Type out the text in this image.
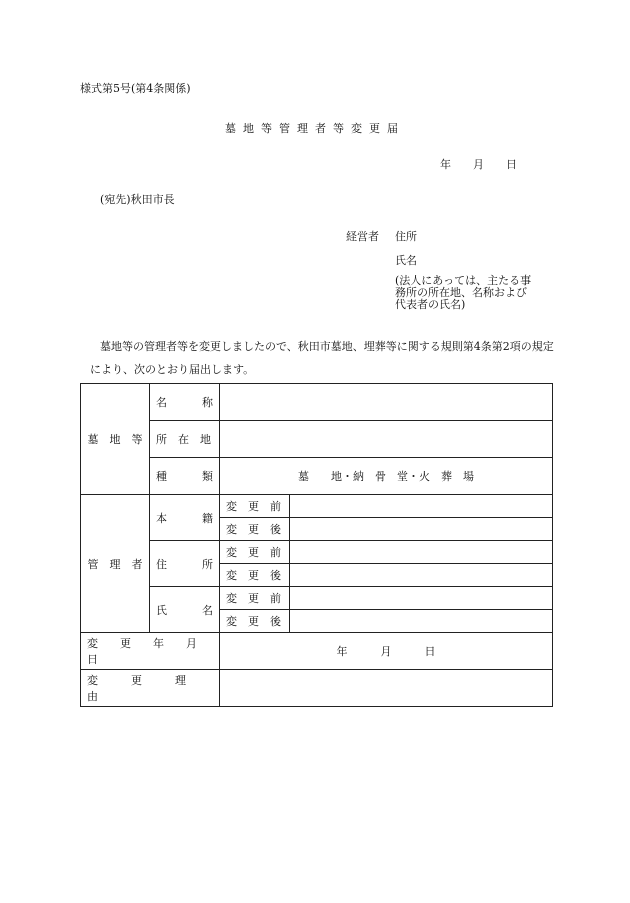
様式第5号(第4条関係)
墓地等管理者等変更届
年　　月　　日
(宛先)秋田市長
経営者 住所
氏名
(法人にあっては、主たる事務所の所在地、名称および代表者の氏名)
墓地等の管理者等を変更しましたので、秋田市墓地、埋葬等に関する規則第4条第2項の規定により、次のとおり届出します。
墓　地　等	名 称		

	所　在　地		

	種 類	墓　　地・納　骨　堂・火　葬　場	
管　理　者	本 籍	変　更　前	
		変　更　後	

	住 所	変　更　前	
		変　更　後	

	氏 名	変　更　前	
		変　更　後	
変　　更　　年　　月　　日		年　　　月　　　日	
変　　　更　　　理　　　由			
